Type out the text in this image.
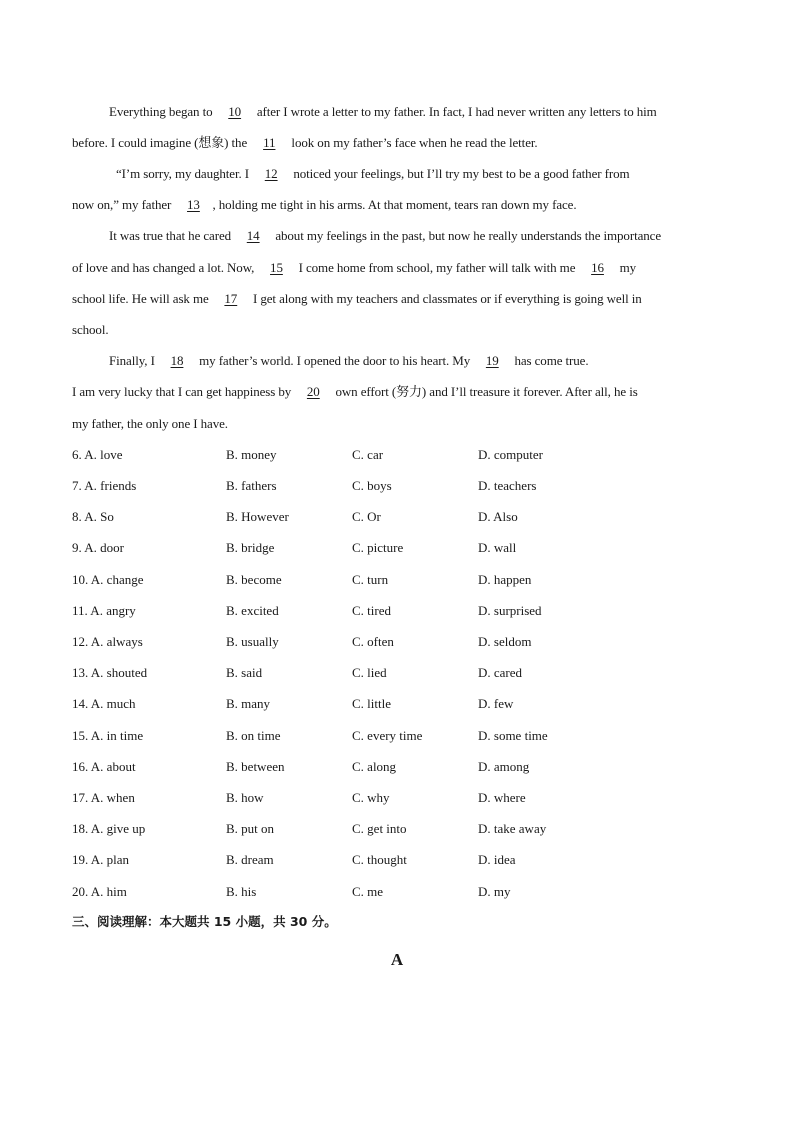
Everything began to 10 after I wrote a letter to my father. In fact, I had never written any letters to him
before. I could imagine (想象) the 11 look on my father’s face when he read the letter.
“I’m sorry, my daughter. I 12 noticed your feelings, but I’ll try my best to be a good father from
now on,” my father 13 , holding me tight in his arms. At that moment, tears ran down my face.
It was true that he cared 14 about my feelings in the past, but now he really understands the importance
of love and has changed a lot. Now, 15 I come home from school, my father will talk with me 16 my
school life. He will ask me 17 I get along with my teachers and classmates or if everything is going well in
school.
Finally, I 18 my father’s world. I opened the door to his heart. My 19 has come true.
I am very lucky that I can get happiness by 20 own effort (努力) and I’ll treasure it forever. After all, he is
my father, the only one I have.
6. A. love	B. money	C. car	D. computer
7. A. friends	B. fathers	C. boys	D. teachers
8. A. So	B. However	C. Or	D. Also
9. A. door	B. bridge	C. picture	D. wall
10. A. change	B. become	C. turn	D. happen
11. A. angry	B. excited	C. tired	D. surprised
12. A. always	B. usually	C. often	D. seldom
13. A. shouted	B. said	C. lied	D. cared
14. A. much	B. many	C. little	D. few
15. A. in time	B. on time	C. every time	D. some time
16. A. about	B. between	C. along	D. among
17. A. when	B. how	C. why	D. where
18. A. give up	B. put on	C. get into	D. take away
19. A. plan	B. dream	C. thought	D. idea
20. A. him	B. his	C. me	D. my
三、阅读理解：本大题共 15 小题，共 30 分。
A
